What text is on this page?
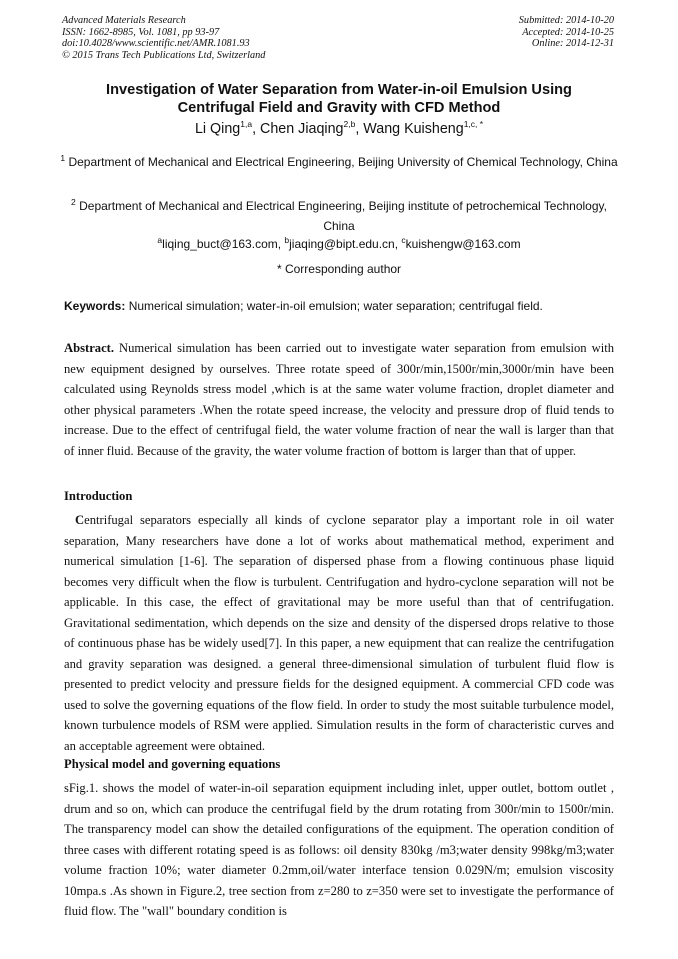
Advanced Materials Research
ISSN: 1662-8985, Vol. 1081, pp 93-97
doi:10.4028/www.scientific.net/AMR.1081.93
© 2015 Trans Tech Publications Ltd, Switzerland
Submitted: 2014-10-20
Accepted: 2014-10-25
Online: 2014-12-31
Investigation of Water Separation from Water-in-oil Emulsion Using
Centrifugal Field and Gravity with CFD Method
Li Qing$^{1,a}$, Chen Jiaqing$^{2,b}$, Wang Kuisheng$^{1,c, *}$
$^1$ Department of Mechanical and Electrical Engineering, Beijing University of Chemical Technology, China
$^2$ Department of Mechanical and Electrical Engineering, Beijing institute of petrochemical Technology, China
$^a$liqing_buct@163.com, $^b$jiaqing@bipt.edu.cn, $^c$kuishengw@163.com
* Corresponding author
Keywords: Numerical simulation; water-in-oil emulsion; water separation; centrifugal field.
Abstract. Numerical simulation has been carried out to investigate water separation from emulsion with new equipment designed by ourselves. Three rotate speed of 300r/min,1500r/min,3000r/min have been calculated using Reynolds stress model ,which is at the same water volume fraction, droplet diameter and other physical parameters .When the rotate speed increase, the velocity and pressure drop of fluid tends to increase. Due to the effect of centrifugal field, the water volume fraction of near the wall is larger than that of inner fluid. Because of the gravity, the water volume fraction of bottom is larger than that of upper.
Introduction
Centrifugal separators especially all kinds of cyclone separator play a important role in oil water separation, Many researchers have done a lot of works about mathematical method, experiment and numerical simulation [1-6]. The separation of dispersed phase from a flowing continuous phase liquid becomes very difficult when the flow is turbulent. Centrifugation and hydro-cyclone separation will not be applicable. In this case, the effect of gravitational may be more useful than that of centrifugation. Gravitational sedimentation, which depends on the size and density of the dispersed drops relative to those of continuous phase has be widely used[7]. In this paper, a new equipment that can realize the centrifugation and gravity separation was designed. a general three-dimensional simulation of turbulent fluid flow is presented to predict velocity and pressure fields for the designed equipment. A commercial CFD code was used to solve the governing equations of the flow field. In order to study the most suitable turbulence model, known turbulence models of RSM were applied. Simulation results in the form of characteristic curves and an acceptable agreement were obtained.
Physical model and governing equations
sFig.1. shows the model of water-in-oil separation equipment including inlet, upper outlet, bottom outlet , drum and so on, which can produce the centrifugal field by the drum rotating from 300r/min to 1500r/min. The transparency model can show the detailed configurations of the equipment. The operation condition of three cases with different rotating speed is as follows: oil density 830kg /m3;water density 998kg/m3;water volume fraction 10%; water diameter 0.2mm,oil/water interface tension 0.029N/m; emulsion viscosity 10mpa.s .As shown in Figure.2, tree section from z=280 to z=350 were set to investigate the performance of fluid flow. The "wall" boundary condition is
